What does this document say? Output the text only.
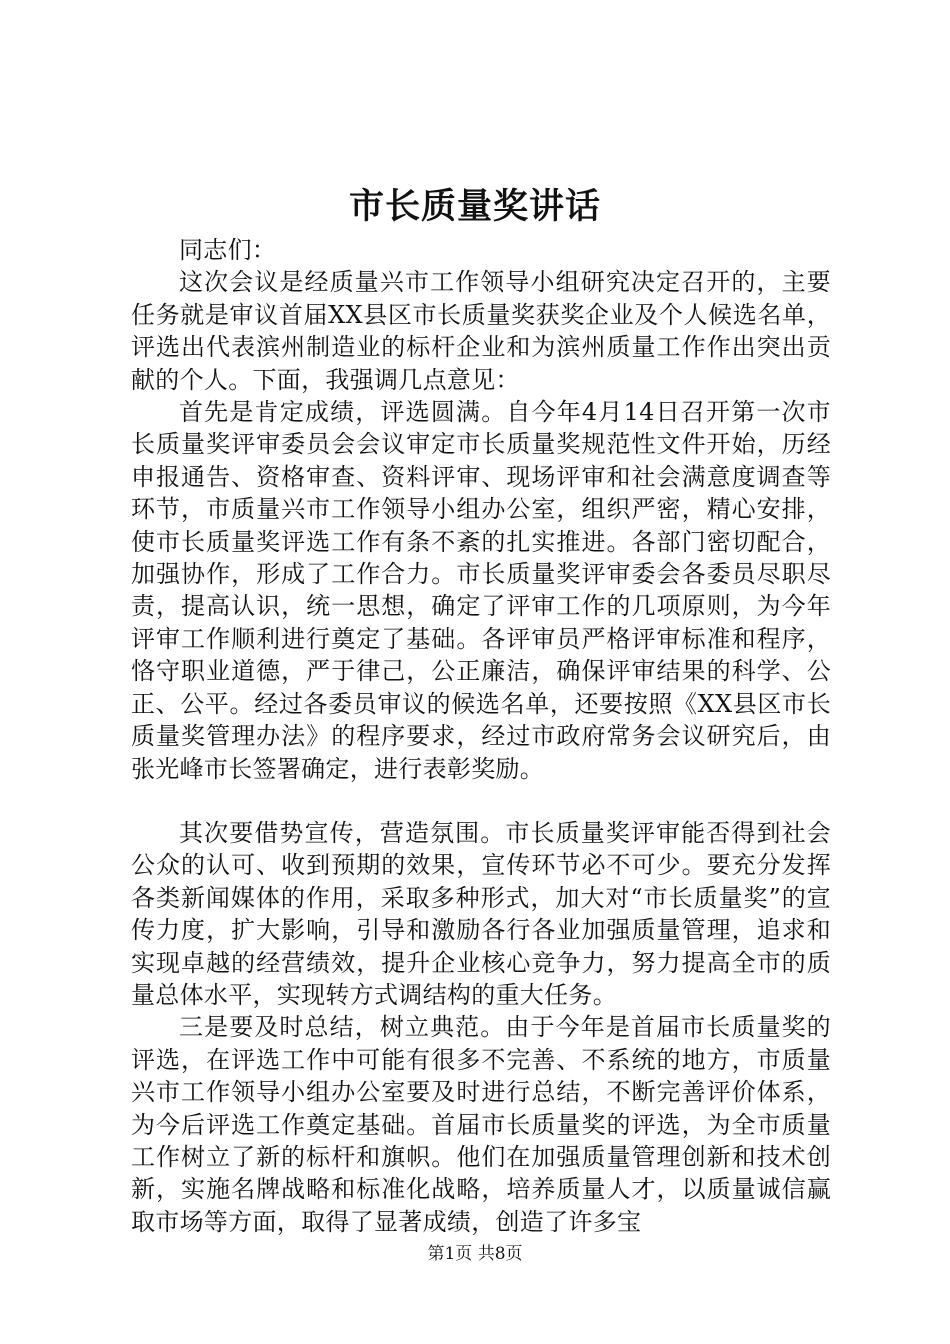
市长质量奖讲话

同志们：

这次会议是经质量兴市工作领导小组研究决定召开的，主要任务就是审议首届XX县区市长质量奖获奖企业及个人候选名单，评选出代表滨州制造业的标杆企业和为滨州质量工作作出突出贡献的个人。下面，我强调几点意见：

首先是肯定成绩，评选圆满。自今年4月14日召开第一次市长质量奖评审委员会会议审定市长质量奖规范性文件开始，历经申报通告、资格审查、资料评审、现场评审和社会满意度调查等环节，市质量兴市工作领导小组办公室，组织严密，精心安排，使市长质量奖评选工作有条不紊的扎实推进。各部门密切配合，加强协作，形成了工作合力。市长质量奖评审委会各委员尽职尽责，提高认识，统一思想，确定了评审工作的几项原则，为今年评审工作顺利进行奠定了基础。各评审员严格评审标准和程序，恪守职业道德，严于律己，公正廉洁，确保评审结果的科学、公正、公平。经过各委员审议的候选名单，还要按照《XX县区市长质量奖管理办法》的程序要求，经过市政府常务会议研究后，由张光峰市长签署确定，进行表彰奖励。

其次要借势宣传，营造氛围。市长质量奖评审能否得到社会公众的认可、收到预期的效果，宣传环节必不可少。要充分发挥各类新闻媒体的作用，采取多种形式，加大对“市长质量奖”的宣传力度，扩大影响，引导和激励各行各业加强质量管理，追求和实现卓越的经营绩效，提升企业核心竞争力，努力提高全市的质量总体水平，实现转方式调结构的重大任务。

三是要及时总结，树立典范。由于今年是首届市长质量奖的评选，在评选工作中可能有很多不完善、不系统的地方，市质量兴市工作领导小组办公室要及时进行总结，不断完善评价体系，为今后评选工作奠定基础。首届市长质量奖的评选，为全市质量工作树立了新的标杆和旗帜。他们在加强质量管理创新和技术创新，实施名牌战略和标准化战略，培养质量人才，以质量诚信赢取市场等方面，取得了显著成绩，创造了许多宝

第1页 共8页
